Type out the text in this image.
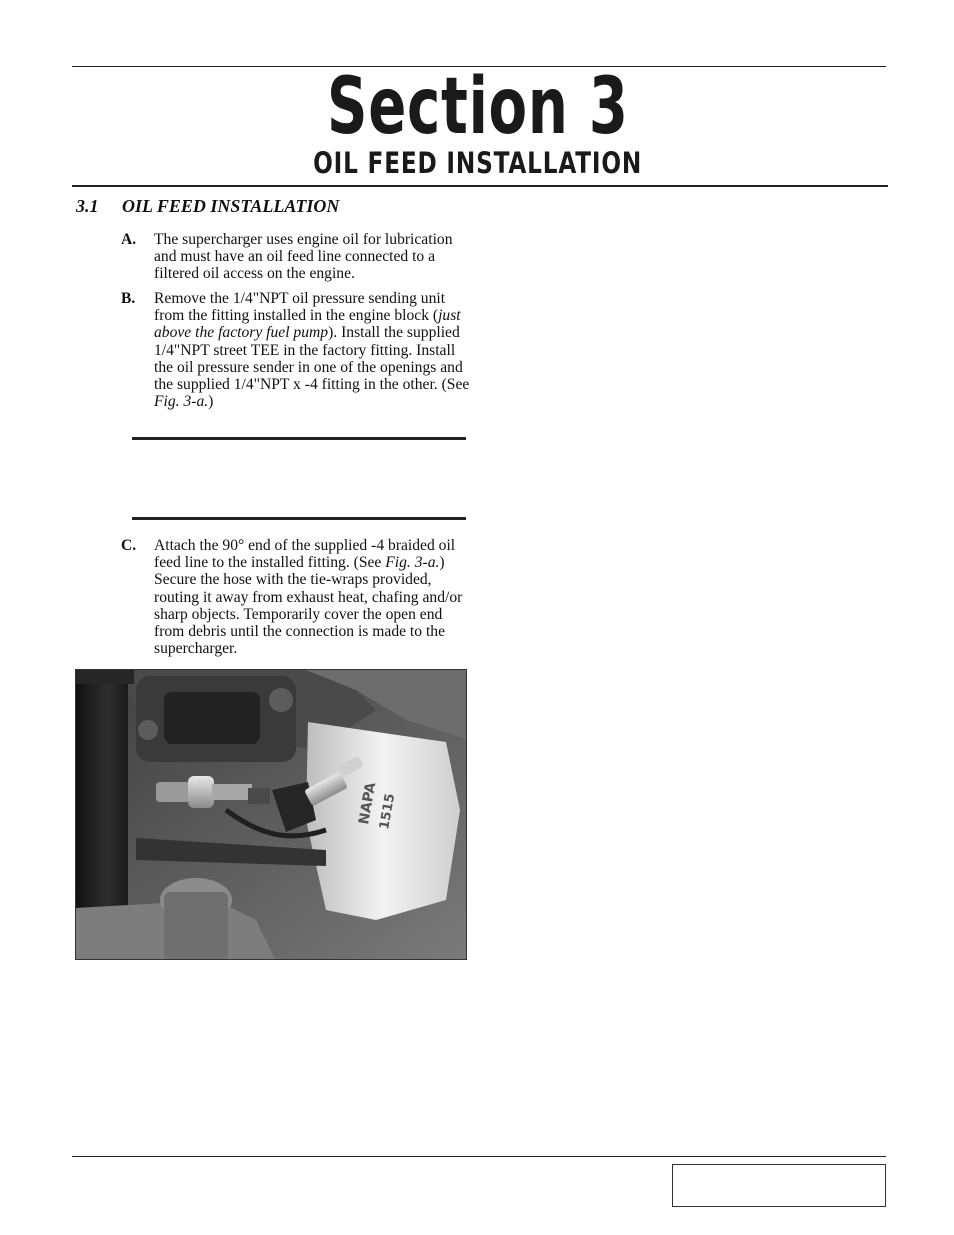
Section 3
OIL FEED INSTALLATION
3.1 OIL FEED INSTALLATION
A. The supercharger uses engine oil for lubrication and must have an oil feed line connected to a filtered oil access on the engine.
B. Remove the 1/4"NPT oil pressure sending unit from the fitting installed in the engine block (just above the factory fuel pump). Install the supplied 1/4"NPT street TEE in the factory fitting. Install the oil pressure sender in one of the openings and the supplied 1/4"NPT x -4 fitting in the other. (See Fig. 3-a.)
C. Attach the 90° end of the supplied -4 braided oil feed line to the installed fitting. (See Fig. 3-a.) Secure the hose with the tie-wraps provided, routing it away from exhaust heat, chafing and/or sharp objects. Temporarily cover the open end from debris until the connection is made to the supercharger.
NAPA
1515
